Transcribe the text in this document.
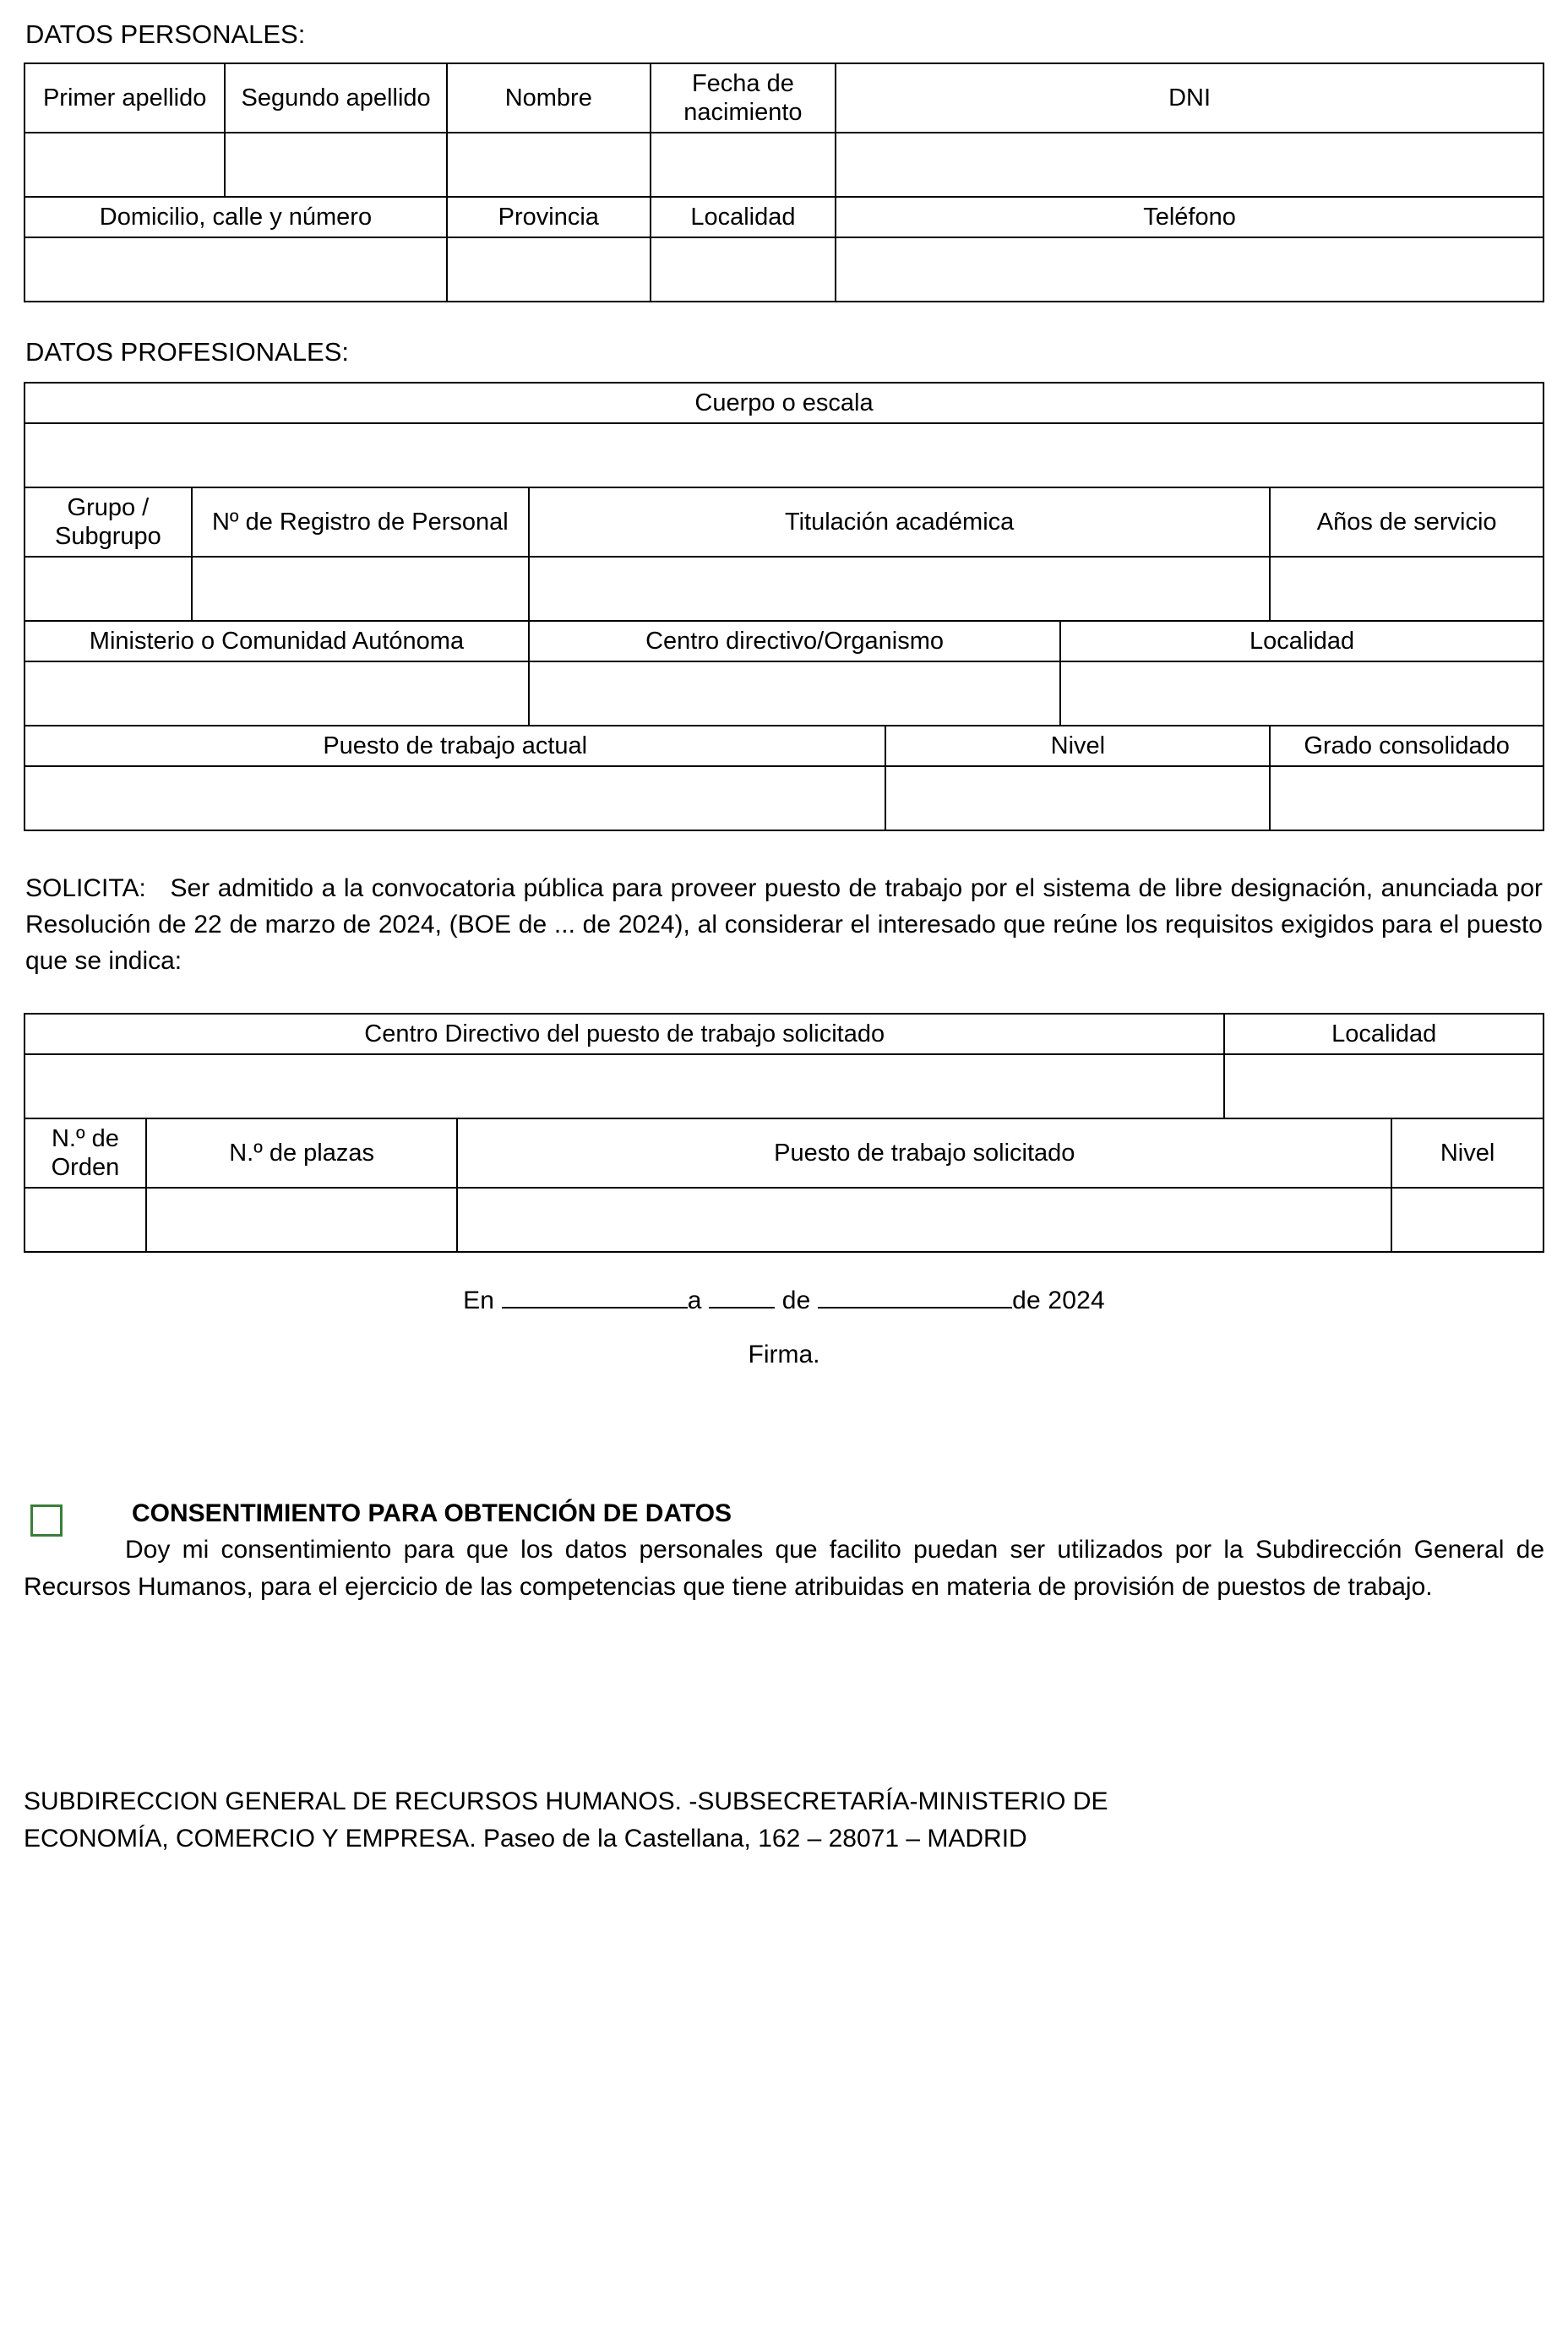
DATOS PERSONALES:
Primer apellido	Segundo apellido	Nombre	Fecha de nacimiento	DNI

Domicilio, calle y número		Provincia	Localidad	Teléfono

DATOS PROFESIONALES:
Cuerpo o escala					

Grupo / Subgrupo	Nº de Registro de Personal	Titulación académica			Años de servicio

Ministerio o Comunidad Autónoma		Centro directivo/Organismo		Localidad	

Puesto de trabajo actual			Nivel		Grado consolidado

SOLICITA: Ser admitido a la convocatoria pública para proveer puesto de trabajo por el sistema de libre designación, anunciada por Resolución de 22 de marzo de 2024, (BOE de ... de 2024), al considerar el interesado que reúne los requisitos exigidos para el puesto que se indica:
Centro Directivo del puesto de trabajo solicitado			Localidad	

N.º de Orden	N.º de plazas	Puesto de trabajo solicitado		Nivel

En	a	de	de 2024
Firma.
CONSENTIMIENTO PARA OBTENCIÓN DE DATOS
Doy mi consentimiento para que los datos personales que facilito puedan ser utilizados por la Subdirección General de Recursos Humanos, para el ejercicio de las competencias que tiene atribuidas en materia de provisión de puestos de trabajo.
SUBDIRECCION GENERAL DE RECURSOS HUMANOS. -SUBSECRETARÍA-MINISTERIO DE
ECONOMÍA, COMERCIO Y EMPRESA. Paseo de la Castellana, 162 – 28071 – MADRID
